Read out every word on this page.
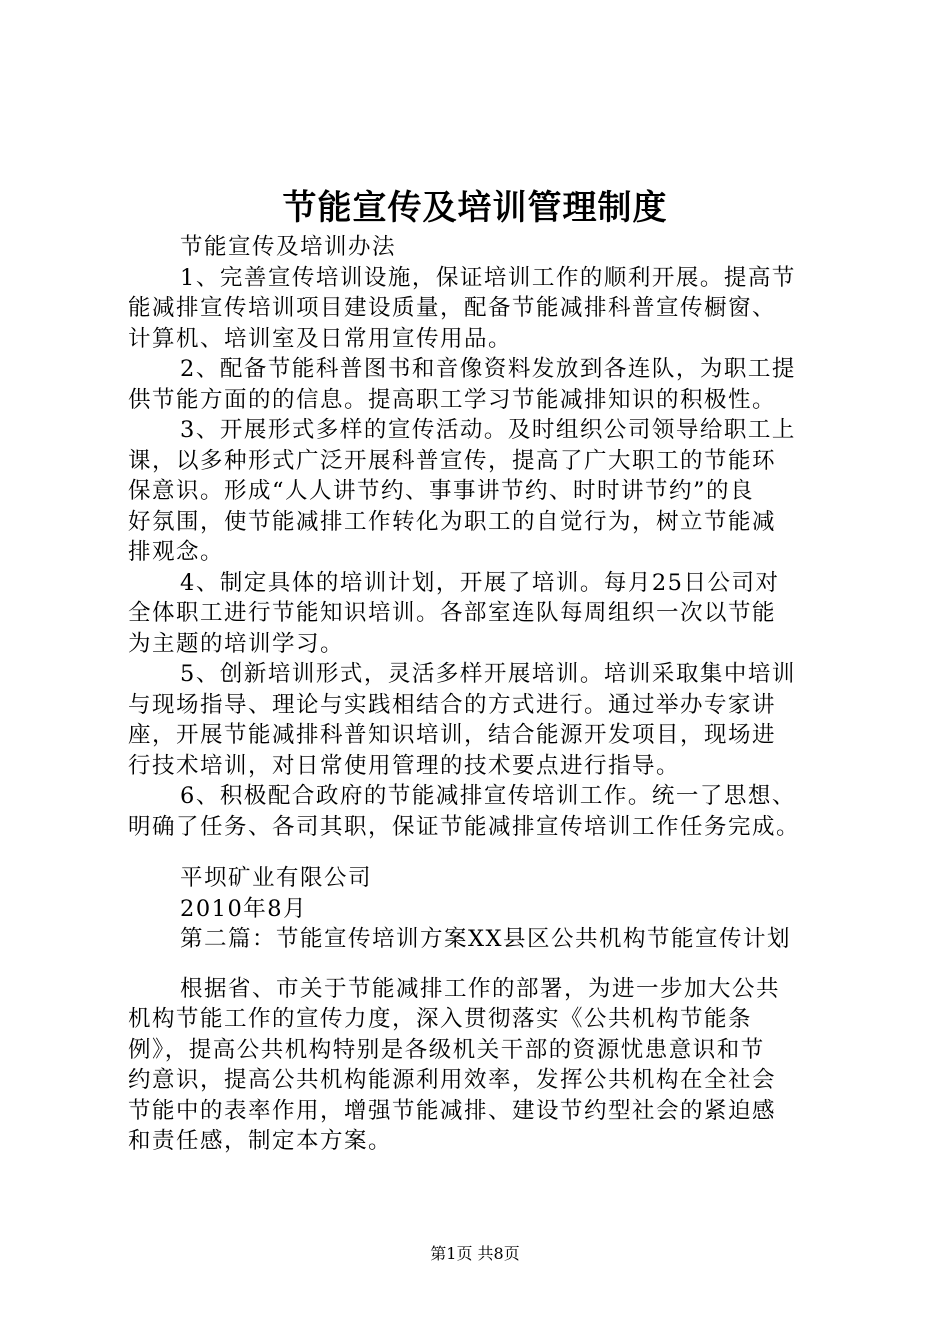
节能宣传及培训管理制度
节能宣传及培训办法
1、完善宣传培训设施，保证培训工作的顺利开展。提高节
能减排宣传培训项目建设质量，配备节能减排科普宣传橱窗、
计算机、培训室及日常用宣传用品。
2、配备节能科普图书和音像资料发放到各连队，为职工提
供节能方面的的信息。提高职工学习节能减排知识的积极性。
3、开展形式多样的宣传活动。及时组织公司领导给职工上
课，以多种形式广泛开展科普宣传，提高了广大职工的节能环
保意识。形成“人人讲节约、事事讲节约、时时讲节约”的良
好氛围，使节能减排工作转化为职工的自觉行为，树立节能减
排观念。
4、制定具体的培训计划，开展了培训。每月25日公司对
全体职工进行节能知识培训。各部室连队每周组织一次以节能
为主题的培训学习。
5、创新培训形式，灵活多样开展培训。培训采取集中培训
与现场指导、理论与实践相结合的方式进行。通过举办专家讲
座，开展节能减排科普知识培训，结合能源开发项目，现场进
行技术培训，对日常使用管理的技术要点进行指导。
6、积极配合政府的节能减排宣传培训工作。统一了思想、
明确了任务、各司其职，保证节能减排宣传培训工作任务完成。
平坝矿业有限公司
2010年8月
第二篇：节能宣传培训方案XX县区公共机构节能宣传计划
根据省、市关于节能减排工作的部署，为进一步加大公共
机构节能工作的宣传力度，深入贯彻落实《公共机构节能条
例》，提高公共机构特别是各级机关干部的资源忧患意识和节
约意识，提高公共机构能源利用效率，发挥公共机构在全社会
节能中的表率作用，增强节能减排、建设节约型社会的紧迫感
和责任感，制定本方案。
第1页 共8页
